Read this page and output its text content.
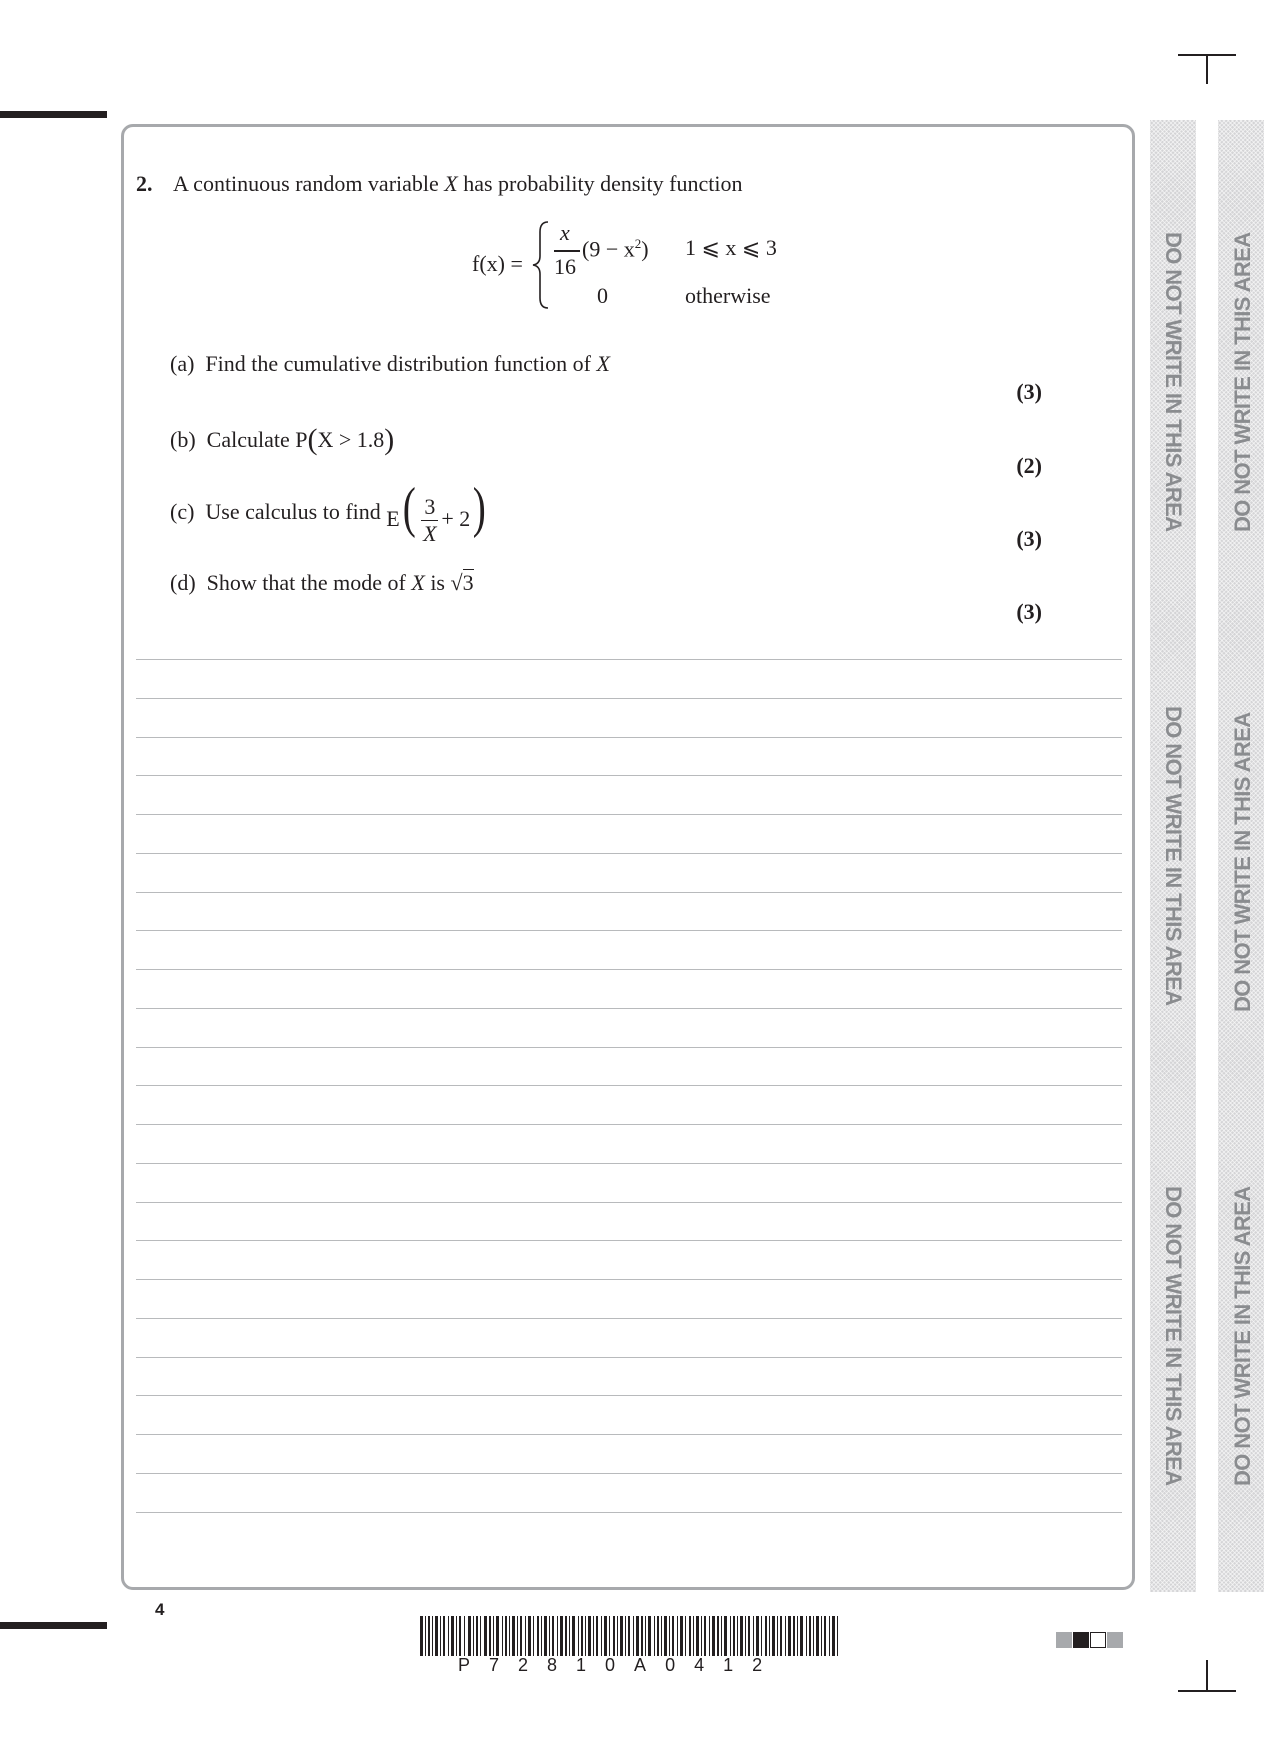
2. A continuous random variable X has probability density function
f(x) =
x
16
$(9 - x^2)$ 1 ⩽ x ⩽ 3
0	otherwise
(a) Find the cumulative distribution function of X
(3)
(b) Calculate P(X > 1.8)
(2)
(c) Use calculus to find $E( \frac{3}{X} + 2)$	(3)
(d) Show that the mode of X is √3
(3)
DO NOT WRITE IN THIS AREA
DO NOT WRITE IN THIS AREA
DO NOT WRITE IN THIS AREA
DO NOT WRITE IN THIS AREA
DO NOT WRITE IN THIS AREA
DO NOT WRITE IN THIS AREA
4
P72810A0412
